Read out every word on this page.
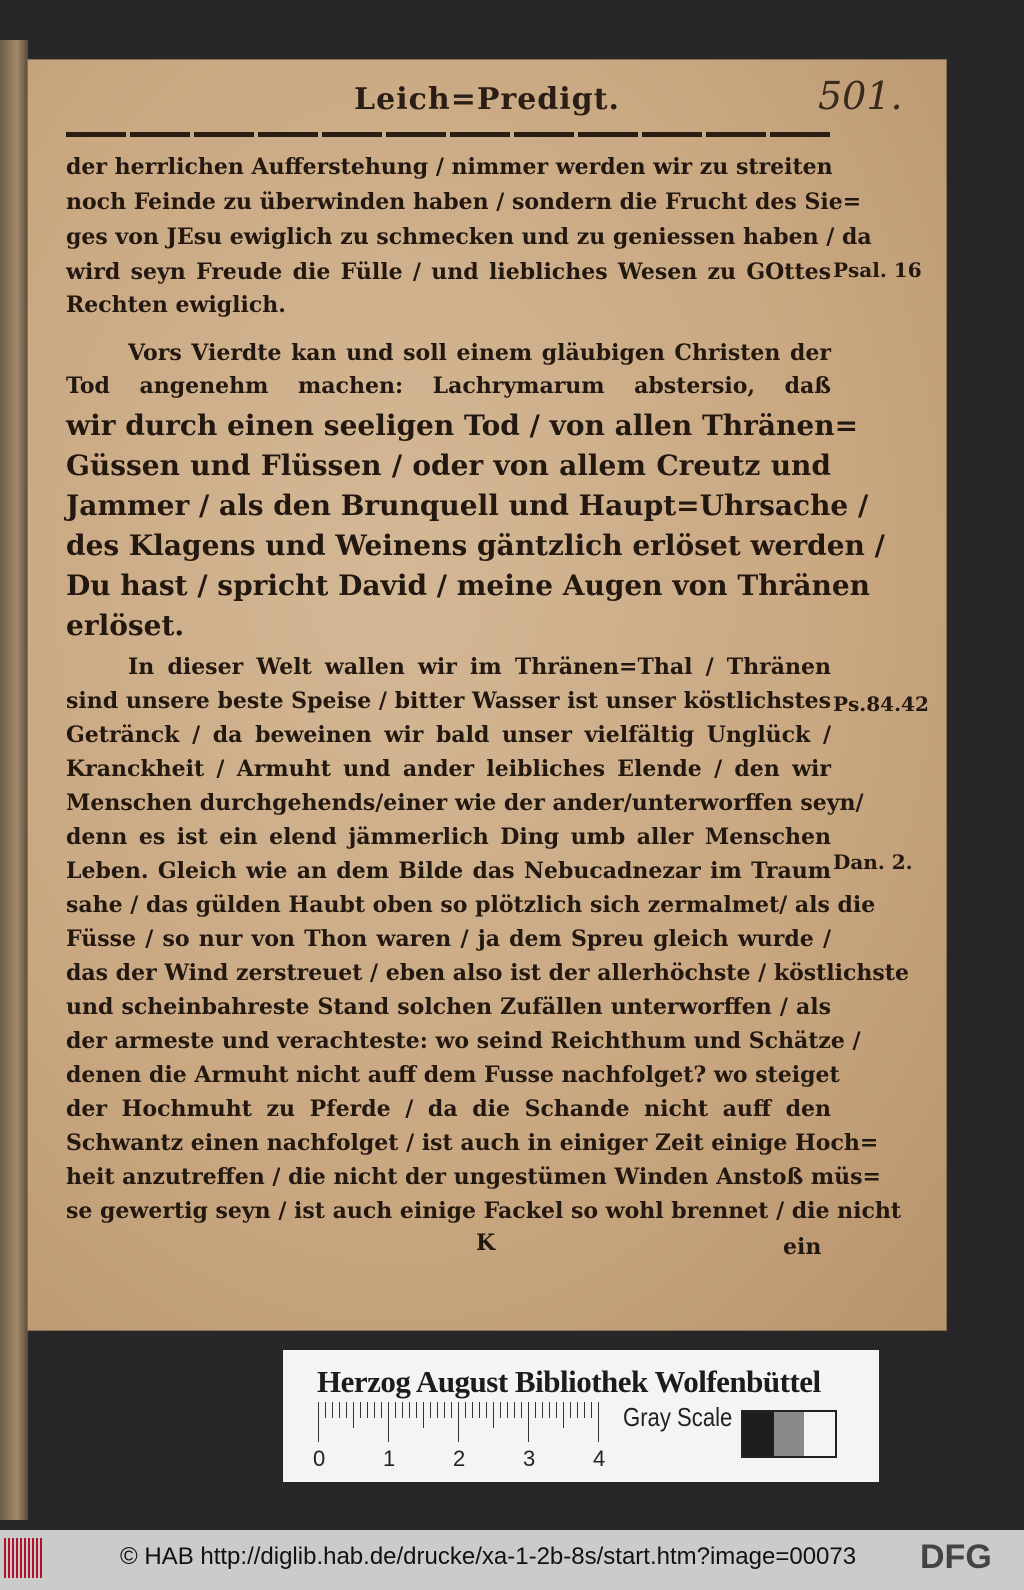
Leich=Predigt.	501.
der herrlichen Aufferstehung / nimmer werden wir zu streiten
noch Feinde zu überwinden haben / sondern die Frucht des Sie=
ges von JEsu ewiglich zu schmecken und zu geniessen haben / da
wird seyn Freude die Fülle / und liebliches Wesen zu GOttes
Rechten ewiglich.
Vors Vierdte kan und soll einem gläubigen Christen der
Tod angenehm machen: Lachrymarum abstersio, daß
wir durch einen seeligen Tod / von allen Thränen=
Güssen und Flüssen / oder von allem Creutz und
Jammer / als den Brunquell und Haupt=Uhrsache /
des Klagens und Weinens gäntzlich erlöset werden /
Du hast / spricht David / meine Augen von Thränen
erlöset.
In dieser Welt wallen wir im Thränen=Thal / Thränen
sind unsere beste Speise / bitter Wasser ist unser köstlichstes
Getränck / da beweinen wir bald unser vielfältig Unglück /
Kranckheit / Armuht und ander leibliches Elende / den wir
Menschen durchgehends/einer wie der ander/unterworffen seyn/
denn es ist ein elend jämmerlich Ding umb aller Menschen
Leben. Gleich wie an dem Bilde das Nebucadnezar im Traum
sahe / das gülden Haubt oben so plötzlich sich zermalmet/ als die
Füsse / so nur von Thon waren / ja dem Spreu gleich wurde /
das der Wind zerstreuet / eben also ist der allerhöchste / köstlichste
und scheinbahreste Stand solchen Zufällen unterworffen / als
der armeste und verachteste: wo seind Reichthum und Schätze /
denen die Armuht nicht auff dem Fusse nachfolget? wo steiget
der Hochmuht zu Pferde / da die Schande nicht auff den
Schwantz einen nachfolget / ist auch in einiger Zeit einige Hoch=
heit anzutreffen / die nicht der ungestümen Winden Anstoß müs=
se gewertig seyn / ist auch einige Fackel so wohl brennet / die nicht
Psal. 16
Ps.84.42
Dan. 2.
K	ein
Herzog August Bibliothek Wolfenbüttel
0	1	2	3	4
Gray Scale
© HAB http://diglib.hab.de/drucke/xa-1-2b-8s/start.htm?image=00073 DFG
